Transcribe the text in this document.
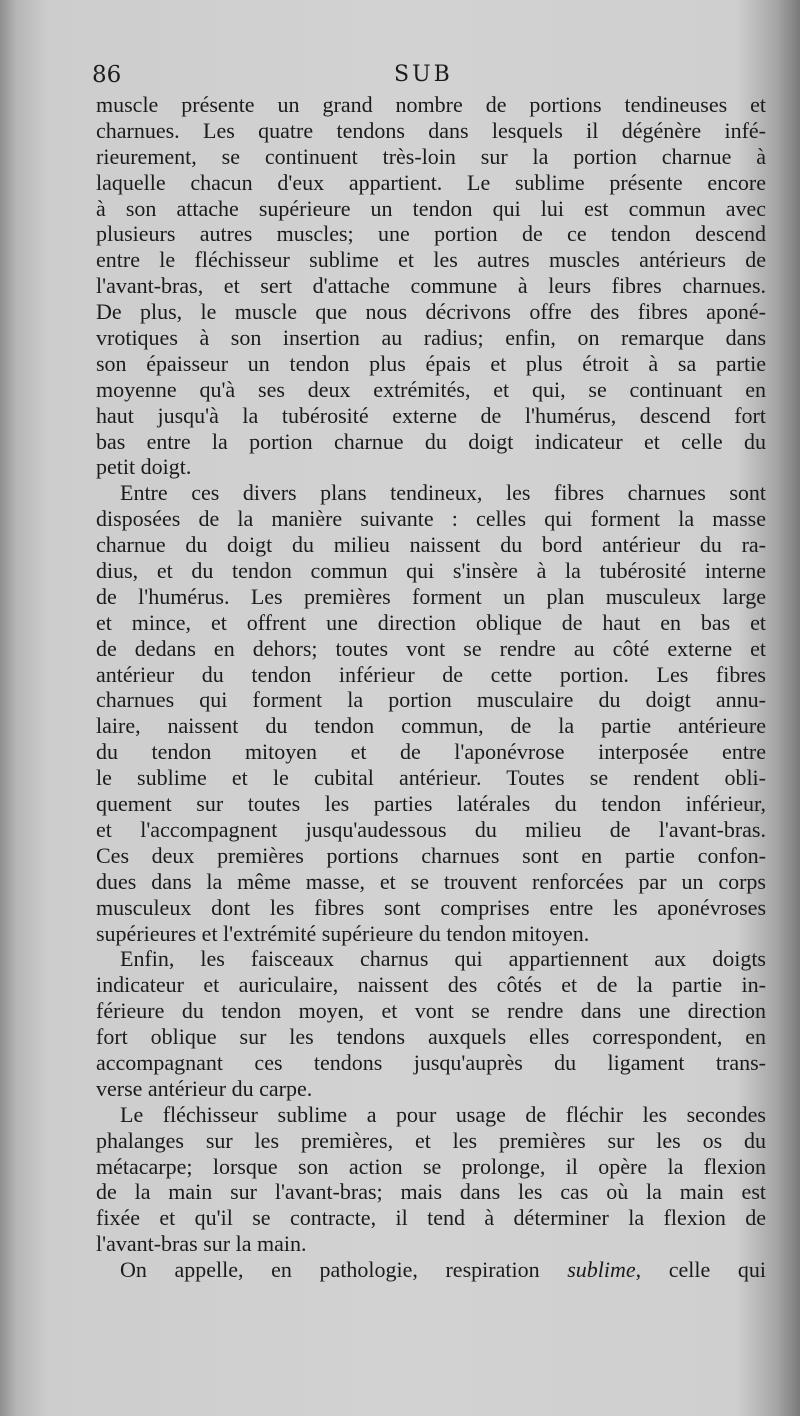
86	SUB
muscle présente un grand nombre de portions tendineuses et
charnues. Les quatre tendons dans lesquels il dégénère infé-
rieurement, se continuent très-loin sur la portion charnue à
laquelle chacun d'eux appartient. Le sublime présente encore
à son attache supérieure un tendon qui lui est commun avec
plusieurs autres muscles; une portion de ce tendon descend
entre le fléchisseur sublime et les autres muscles antérieurs de
l'avant-bras, et sert d'attache commune à leurs fibres charnues.
De plus, le muscle que nous décrivons offre des fibres aponé-
vrotiques à son insertion au radius; enfin, on remarque dans
son épaisseur un tendon plus épais et plus étroit à sa partie
moyenne qu'à ses deux extrémités, et qui, se continuant en
haut jusqu'à la tubérosité externe de l'humérus, descend fort
bas entre la portion charnue du doigt indicateur et celle du
petit doigt.
Entre ces divers plans tendineux, les fibres charnues sont
disposées de la manière suivante : celles qui forment la masse
charnue du doigt du milieu naissent du bord antérieur du ra-
dius, et du tendon commun qui s'insère à la tubérosité interne
de l'humérus. Les premières forment un plan musculeux large
et mince, et offrent une direction oblique de haut en bas et
de dedans en dehors; toutes vont se rendre au côté externe et
antérieur du tendon inférieur de cette portion. Les fibres
charnues qui forment la portion musculaire du doigt annu-
laire, naissent du tendon commun, de la partie antérieure
du tendon mitoyen et de l'aponévrose interposée entre
le sublime et le cubital antérieur. Toutes se rendent obli-
quement sur toutes les parties latérales du tendon inférieur,
et l'accompagnent jusqu'audessous du milieu de l'avant-bras.
Ces deux premières portions charnues sont en partie confon-
dues dans la même masse, et se trouvent renforcées par un corps
musculeux dont les fibres sont comprises entre les aponévroses
supérieures et l'extrémité supérieure du tendon mitoyen.
Enfin, les faisceaux charnus qui appartiennent aux doigts
indicateur et auriculaire, naissent des côtés et de la partie in-
férieure du tendon moyen, et vont se rendre dans une direction
fort oblique sur les tendons auxquels elles correspondent, en
accompagnant ces tendons jusqu'auprès du ligament trans-
verse antérieur du carpe.
Le fléchisseur sublime a pour usage de fléchir les secondes
phalanges sur les premières, et les premières sur les os du
métacarpe; lorsque son action se prolonge, il opère la flexion
de la main sur l'avant-bras; mais dans les cas où la main est
fixée et qu'il se contracte, il tend à déterminer la flexion de
l'avant-bras sur la main.
On appelle, en pathologie, respiration sublime, celle qui
